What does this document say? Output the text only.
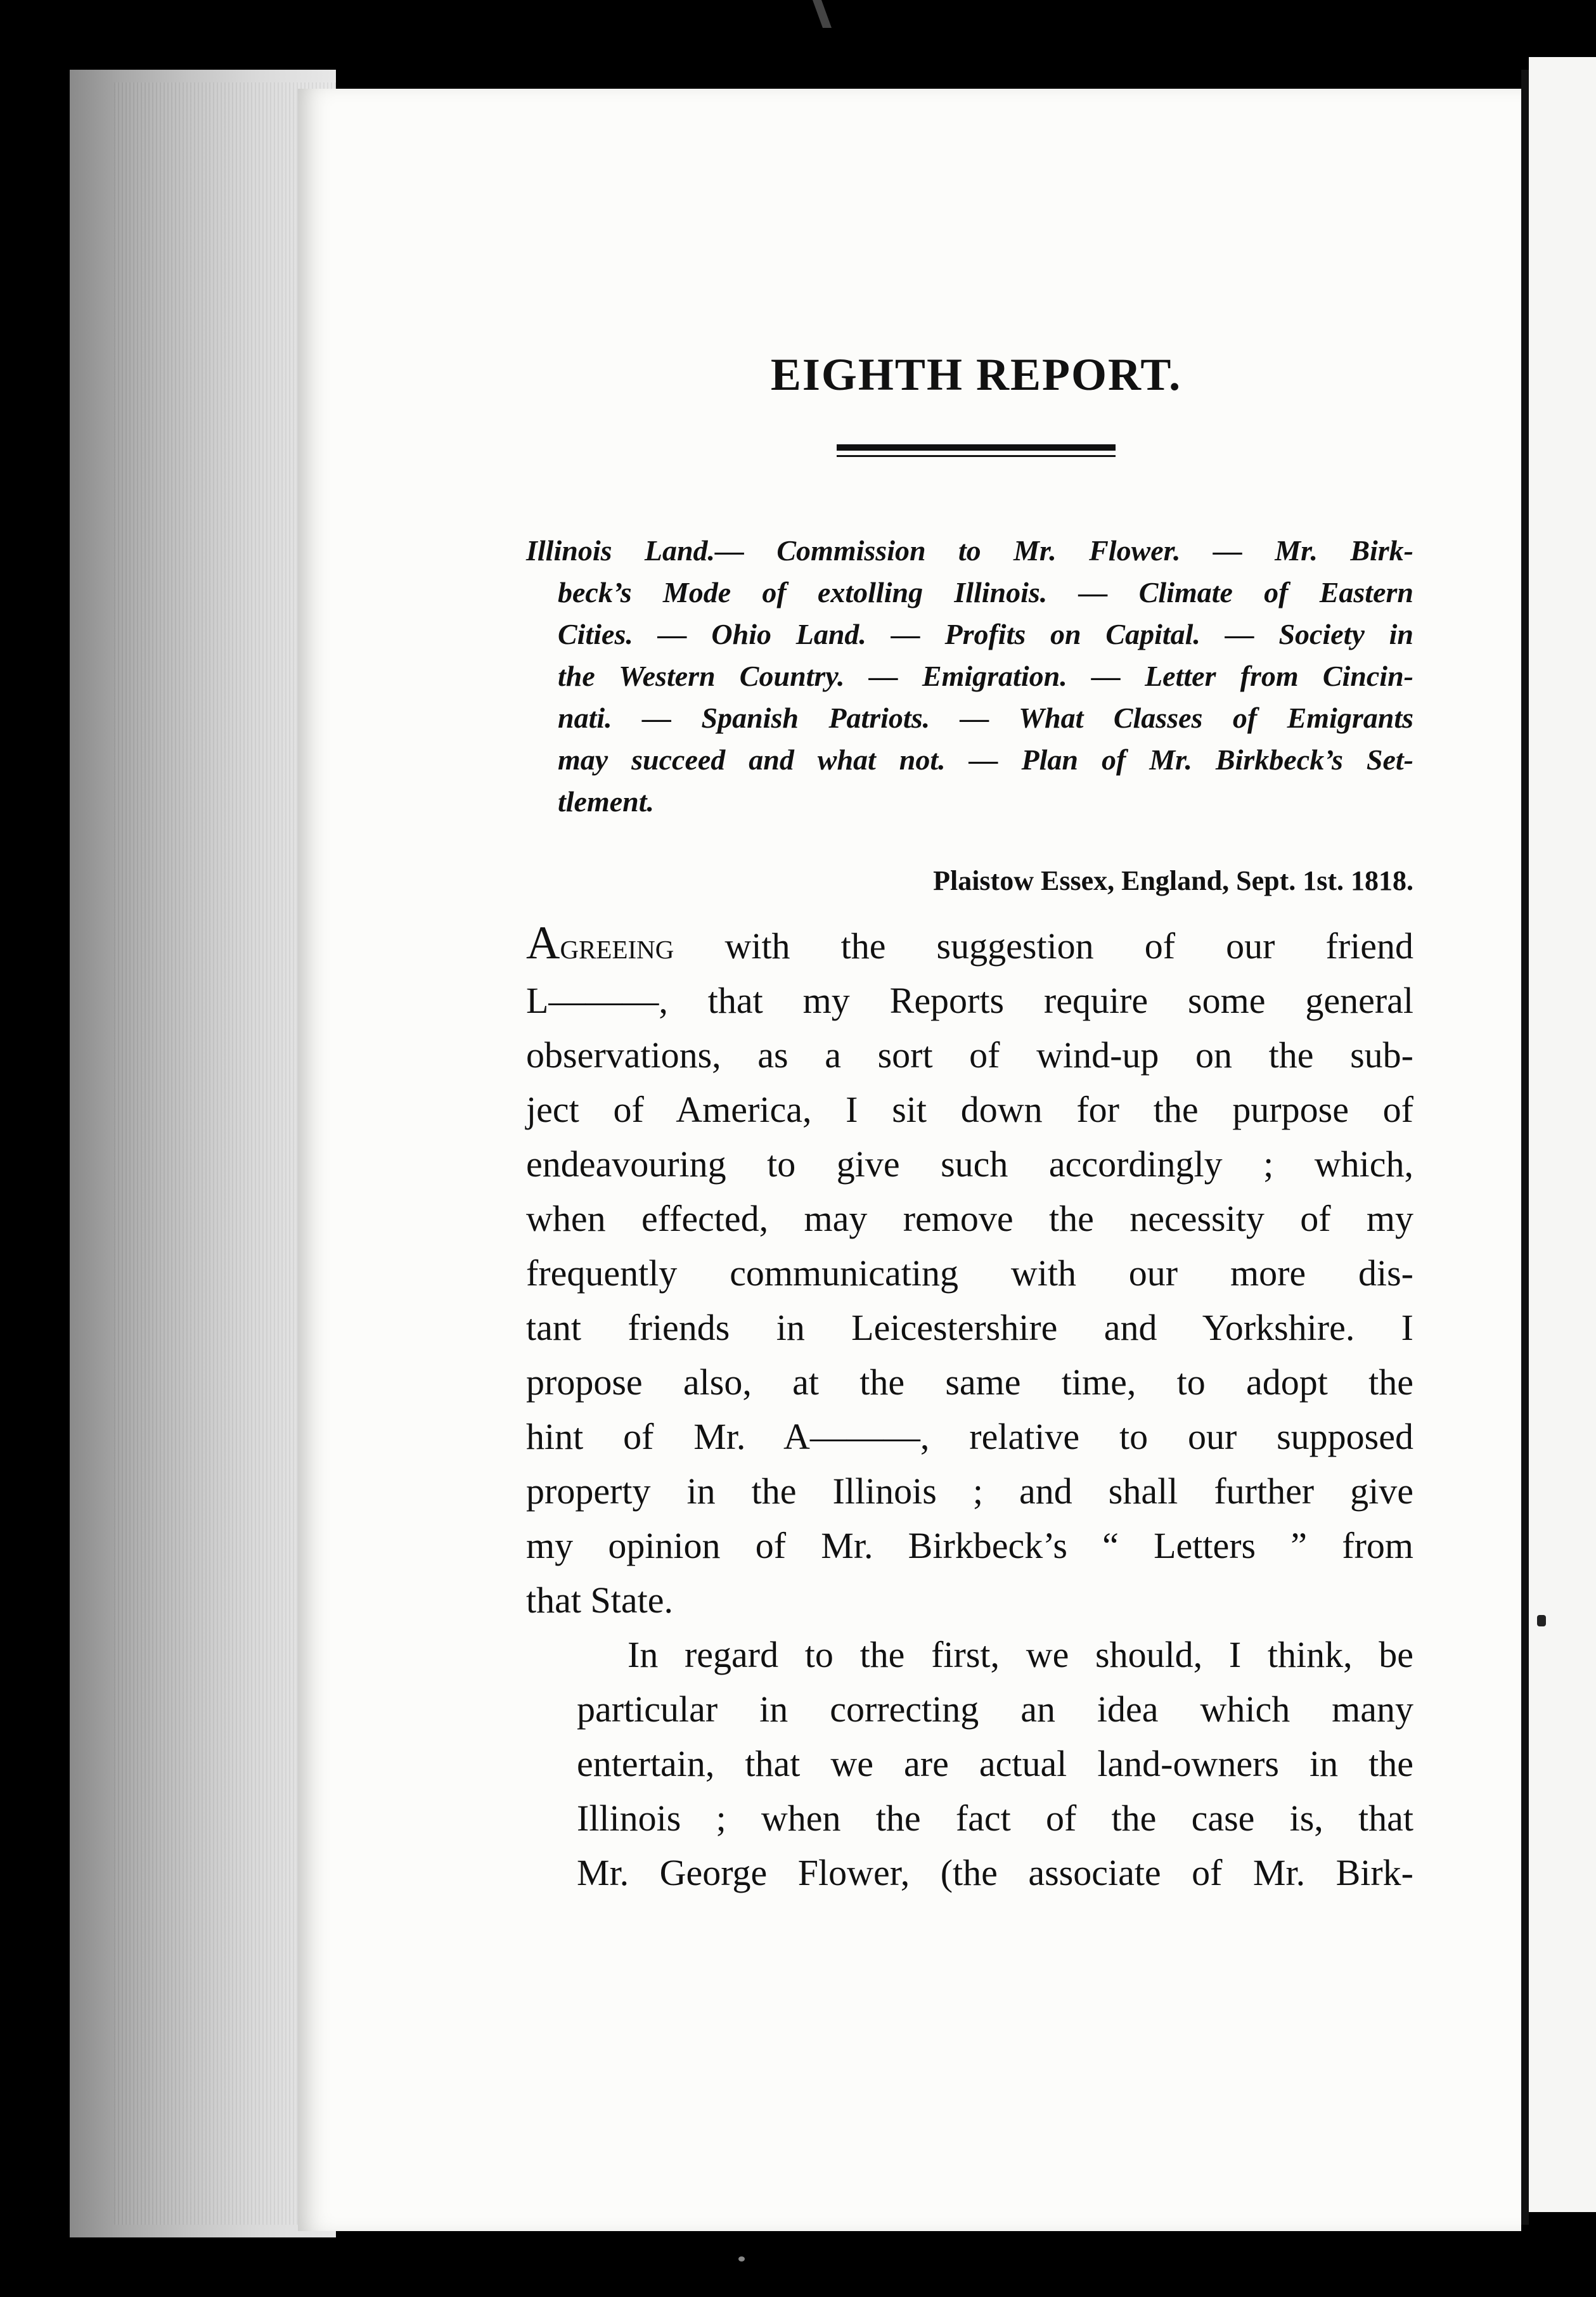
EIGHTH REPORT.
Illinois Land.— Commission to Mr. Flower. — Mr. Birk-
beck’s Mode of extolling Illinois. — Climate of Eastern
Cities. — Ohio Land. — Profits on Capital. — Society in
the Western Country. — Emigration. — Letter from Cincin-
nati. — Spanish Patriots. — What Classes of Emigrants
may succeed and what not. — Plan of Mr. Birkbeck’s Set-
tlement.
Plaistow Essex, England, Sept. 1st. 1818.

Agreeing with the suggestion of our friend
L———, that my Reports require some general
observations, as a sort of wind-up on the sub-
ject of America, I sit down for the purpose of
endeavouring to give such accordingly ; which,
when effected, may remove the necessity of my
frequently communicating with our more dis-
tant friends in Leicestershire and Yorkshire. I
propose also, at the same time, to adopt the
hint of Mr. A———, relative to our supposed
property in the Illinois ; and shall further give
my opinion of Mr. Birkbeck’s “ Letters ” from
that State.

In regard to the first, we should, I think, be
particular in correcting an idea which many
entertain, that we are actual land-owners in the
Illinois ; when the fact of the case is, that
Mr. George Flower, (the associate of Mr. Birk-
